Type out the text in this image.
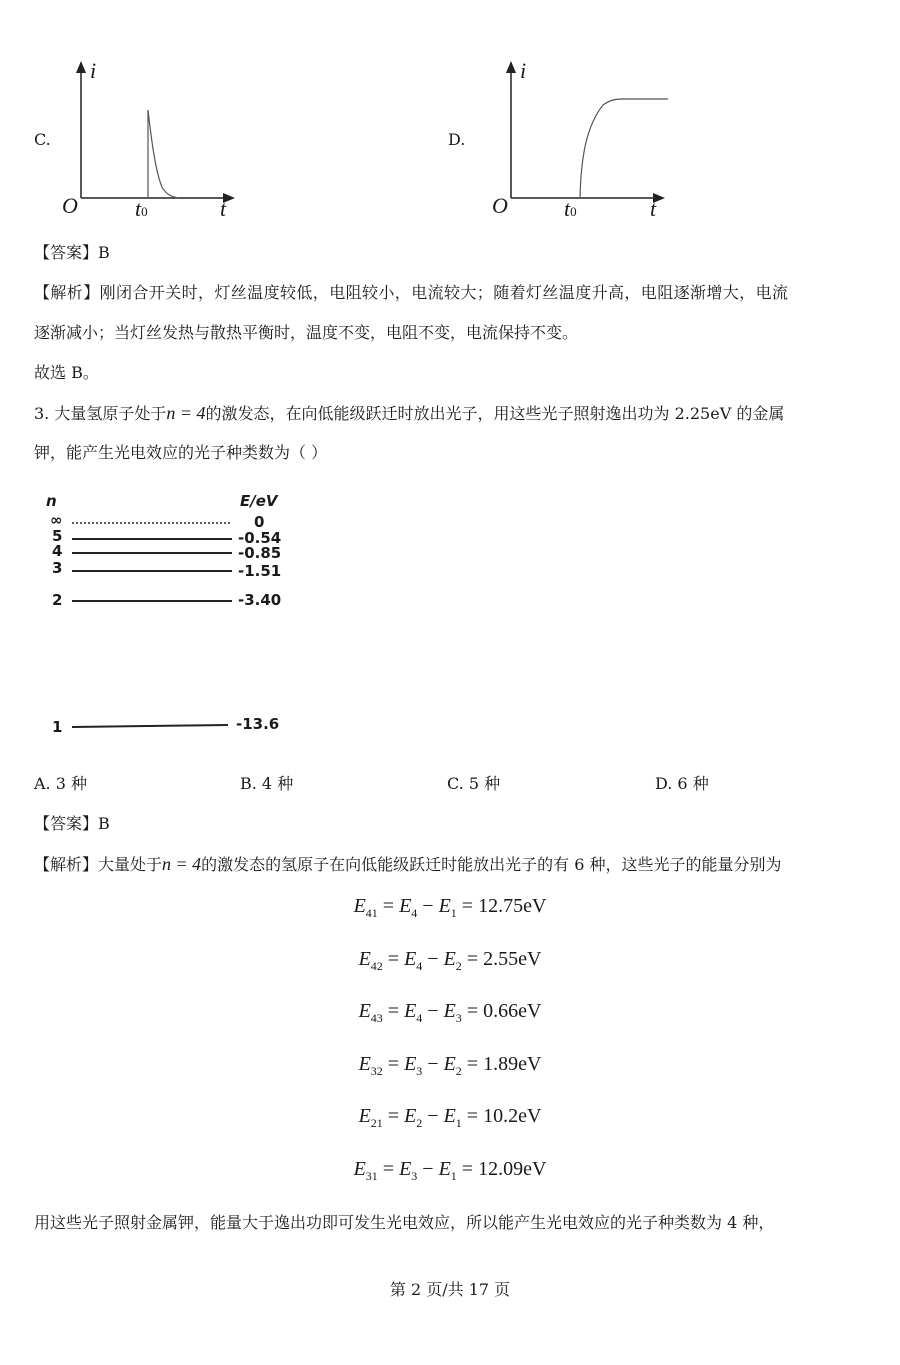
C.
i
O	t0	t
D.
i
O	t0	t
【答案】B
【解析】刚闭合开关时，灯丝温度较低，电阻较小，电流较大；随着灯丝温度升高，电阻逐渐增大，电流
逐渐减小；当灯丝发热与散热平衡时，温度不变，电阻不变，电流保持不变。
故选 B。
3. 大量氢原子处于n = 4的激发态，在向低能级跃迁时放出光子，用这些光子照射逸出功为 2.25eV 的金属
钾，能产生光电效应的光子种类数为（ ）
n	E/eV
∞	0
5	-0.54
4	-0.85
3	-1.51
2	-3.40
1	-13.6
A. 3 种	B. 4 种	C. 5 种	D. 6 种
【答案】B
【解析】大量处于n = 4的激发态的氢原子在向低能级跃迁时能放出光子的有 6 种，这些光子的能量分别为
$E_{41} = E_4 - E_1 = 12.75eV$
$E_{42} = E_4 - E_2 = 2.55eV$
$E_{43} = E_4 - E_3 = 0.66eV$
$E_{32} = E_3 - E_2 = 1.89eV$
$E_{21} = E_2 - E_1 = 10.2eV$
$E_{31} = E_3 - E_1 = 12.09eV$
用这些光子照射金属钾，能量大于逸出功即可发生光电效应，所以能产生光电效应的光子种类数为 4 种，
第 2 页/共 17 页
